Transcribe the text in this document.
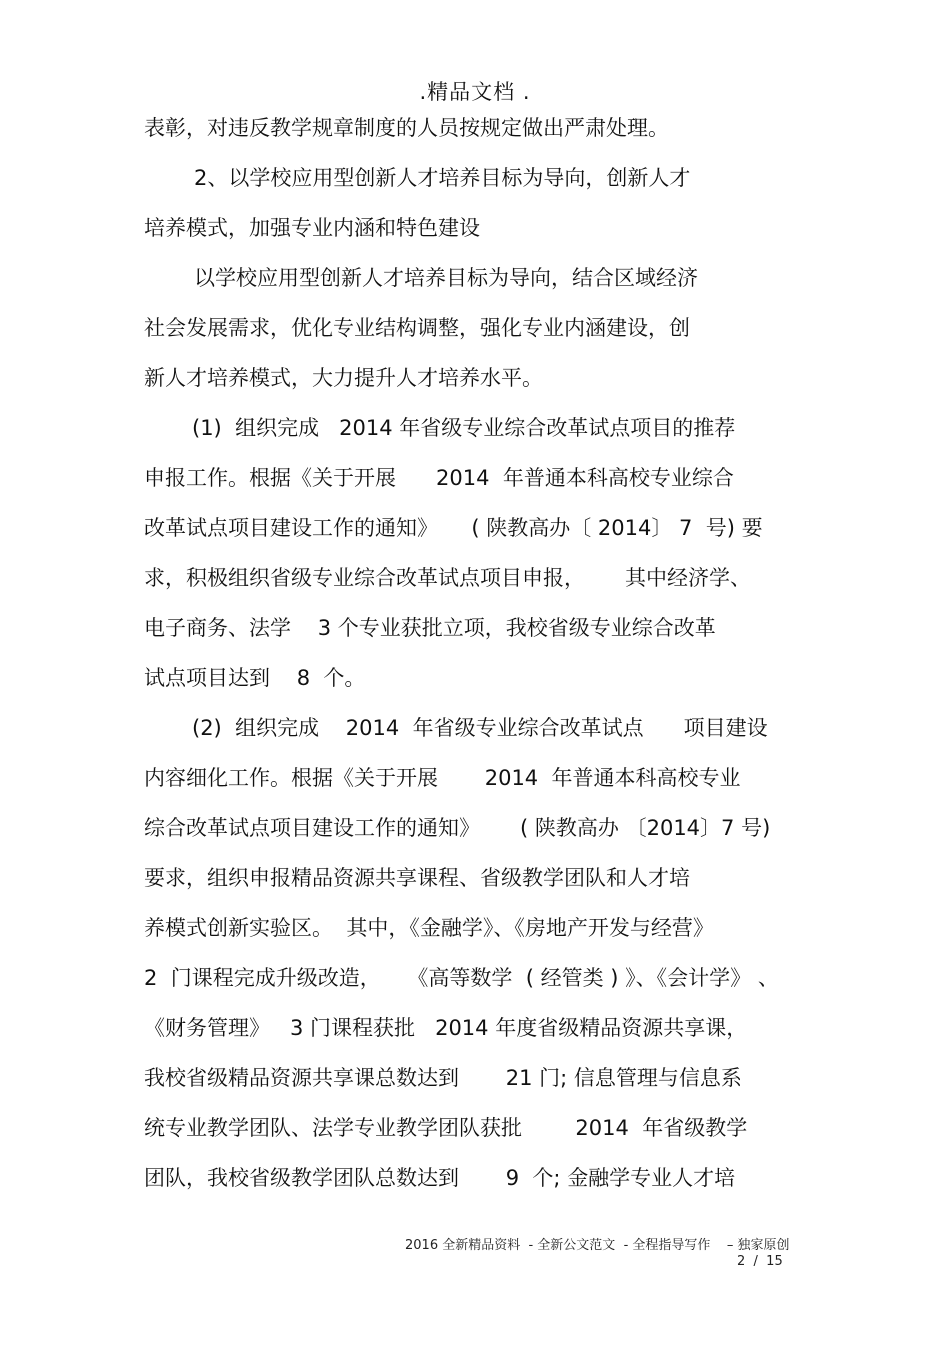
.精品文档 .
表彰，对违反教学规章制度的人员按规定做出严肃处理。
2、以学校应用型创新人才培养目标为导向，创新人才
培养模式，加强专业内涵和特色建设
以学校应用型创新人才培养目标为导向，结合区域经济
社会发展需求，优化专业结构调整，强化专业内涵建设，创
新人才培养模式，大力提升人才培养水平。
(1)  组织完成   2014 年省级专业综合改革试点项目的推荐
申报工作。根据《关于开展      2014  年普通本科高校专业综合
改革试点项目建设工作的通知》     ( 陕教高办〔 2014〕 7  号) 要
求，积极组织省级专业综合改革试点项目申报，      其中经济学、
电子商务、法学    3 个专业获批立项，我校省级专业综合改革
试点项目达到    8  个。
(2)  组织完成    2014  年省级专业综合改革试点      项目建设
内容细化工作。根据《关于开展       2014  年普通本科高校专业
综合改革试点项目建设工作的通知》      ( 陕教高办 〔2014〕7 号)
要求，组织申报精品资源共享课程、省级教学团队和人才培
养模式创新实验区。  其中，《金融学》、《房地产开发与经营》
2  门课程完成升级改造，    《高等数学  ( 经管类 ) 》、《会计学》 、
《财务管理》   3 门课程获批   2014 年度省级精品资源共享课，
我校省级精品资源共享课总数达到       21 门; 信息管理与信息系
统专业教学团队、法学专业教学团队获批        2014  年省级教学
团队，我校省级教学团队总数达到       9  个; 金融学专业人才培
2016 全新精品资料  - 全新公文范文  - 全程指导写作    – 独家原创
2  /  15
